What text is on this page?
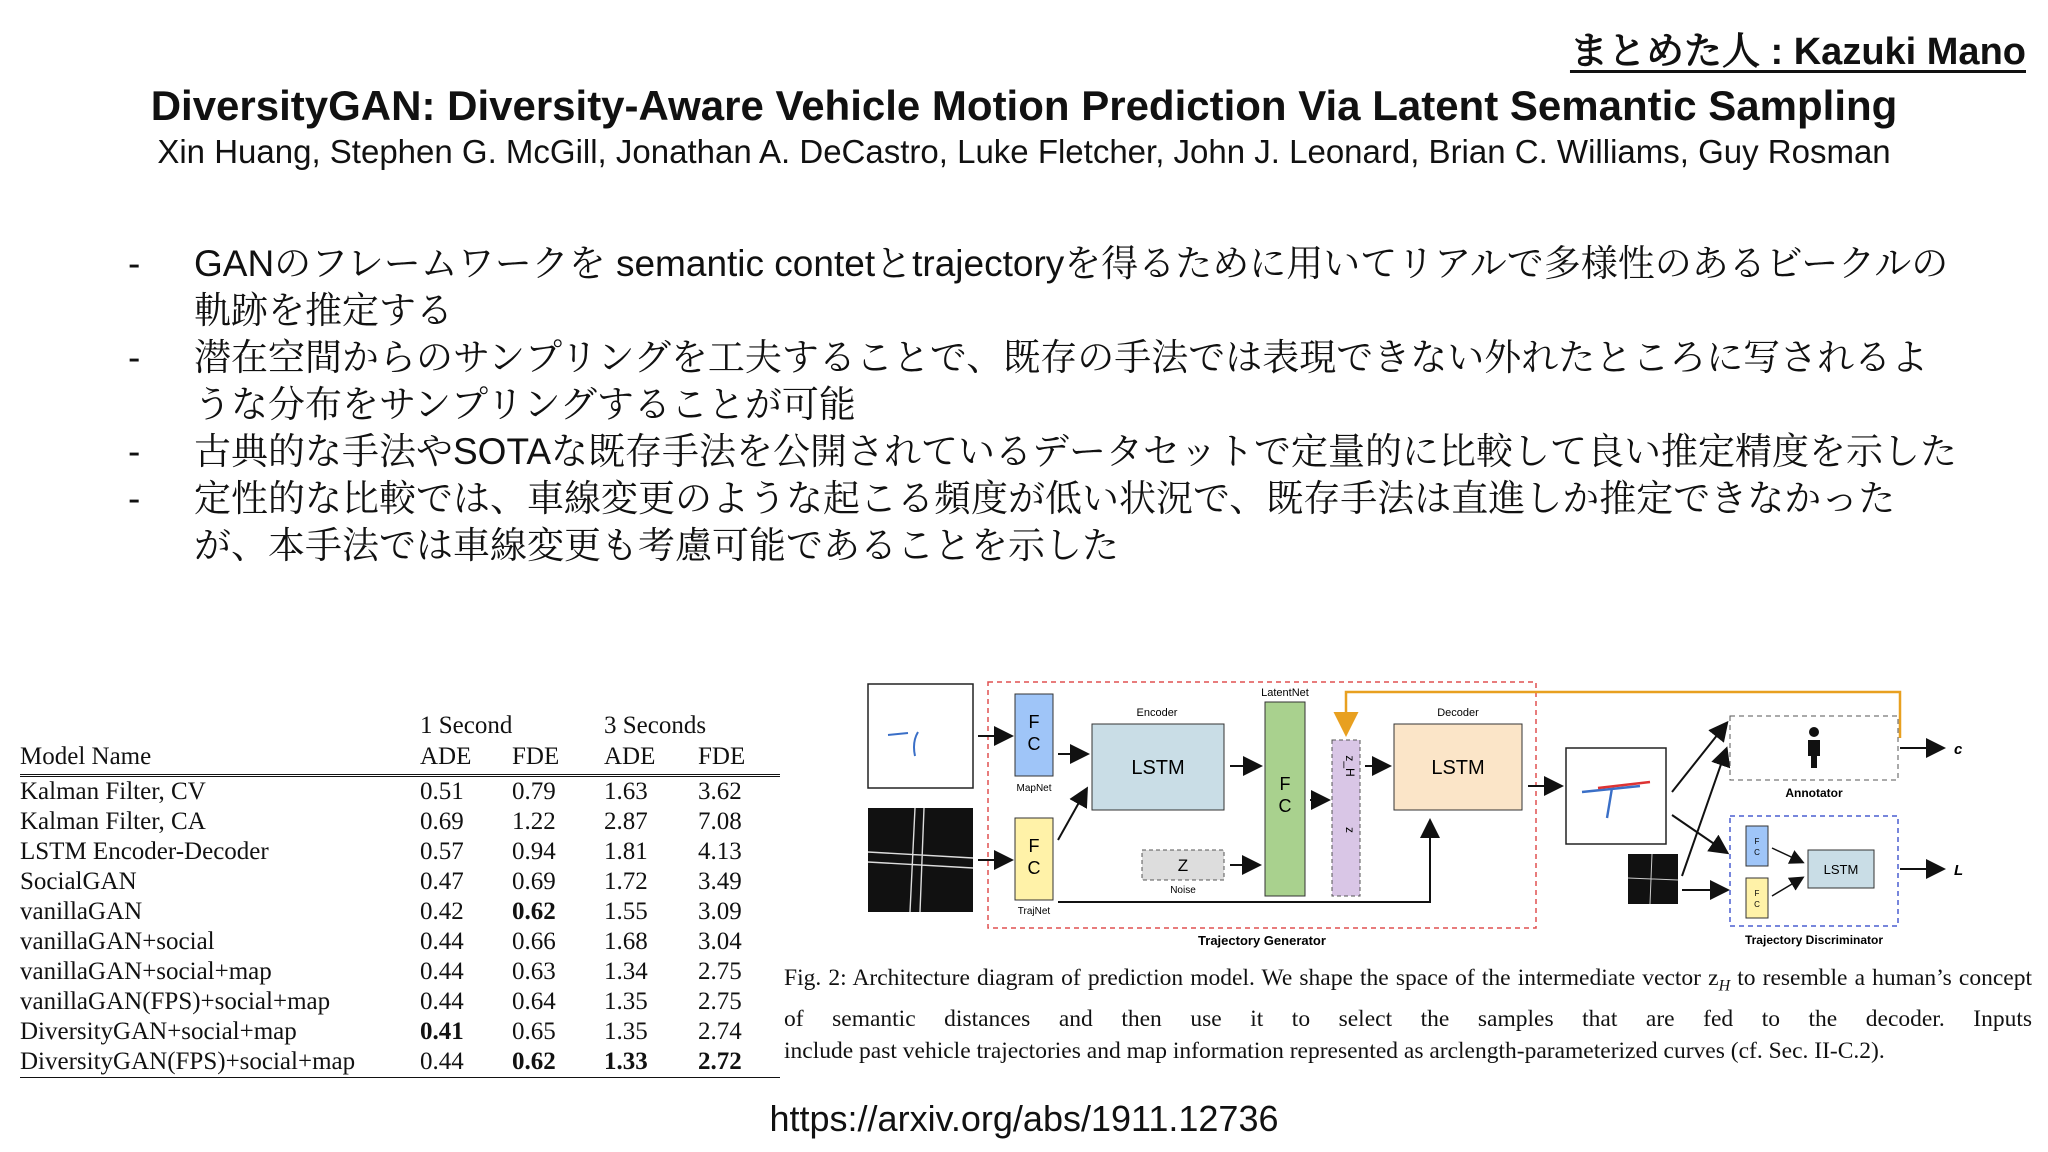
まとめた人 : Kazuki Mano
DiversityGAN: Diversity-Aware Vehicle Motion Prediction Via Latent Semantic Sampling
Xin Huang, Stephen G. McGill, Jonathan A. DeCastro, Luke Fletcher, John J. Leonard, Brian C. Williams, Guy Rosman
-	GANのフレームワークを semantic contetとtrajectoryを得るために用いてリアルで多様性のあるビークルの軌跡を推定する
-	潜在空間からのサンプリングを工夫することで、既存の手法では表現できない外れたところに写されるような分布をサンプリングすることが可能
-	古典的な手法やSOTAな既存手法を公開されているデータセットで定量的に比較して良い推定精度を示した
-	定性的な比較では、車線変更のような起こる頻度が低い状況で、既存手法は直進しか推定できなかったが、本手法では車線変更も考慮可能であることを示した
	1 Second		3 Seconds	
Model Name	ADE	FDE	ADE	FDE
Kalman Filter, CV	0.51	0.79	1.63	3.62
Kalman Filter, CA	0.69	1.22	2.87	7.08
LSTM Encoder-Decoder	0.57	0.94	1.81	4.13
SocialGAN	0.47	0.69	1.72	3.49
vanillaGAN	0.42	0.62	1.55	3.09
vanillaGAN+social	0.44	0.66	1.68	3.04
vanillaGAN+social+map	0.44	0.63	1.34	2.75
vanillaGAN(FPS)+social+map	0.44	0.64	1.35	2.75
DiversityGAN+social+map	0.41	0.65	1.35	2.74
DiversityGAN(FPS)+social+map	0.44	0.62	1.33	2.72
Trajectory Generator
F
C
MapNet
F
C
TrajNet
Encoder
LSTM
Z
Noise
LatentNet
F
C
z_H
z
Decoder
LSTM
Annotator
c
Trajectory Discriminator
F
C
F
C
LSTM	L
Fig. 2: Architecture diagram of prediction model. We shape the space of the intermediate vector $z_H$ to resemble a human’s concept of semantic distances and then use it to select the samples that are fed to the decoder. Inputs
include past vehicle trajectories and map information represented as arclength-parameterized curves (cf. Sec. II-C.2).
https://arxiv.org/abs/1911.12736
